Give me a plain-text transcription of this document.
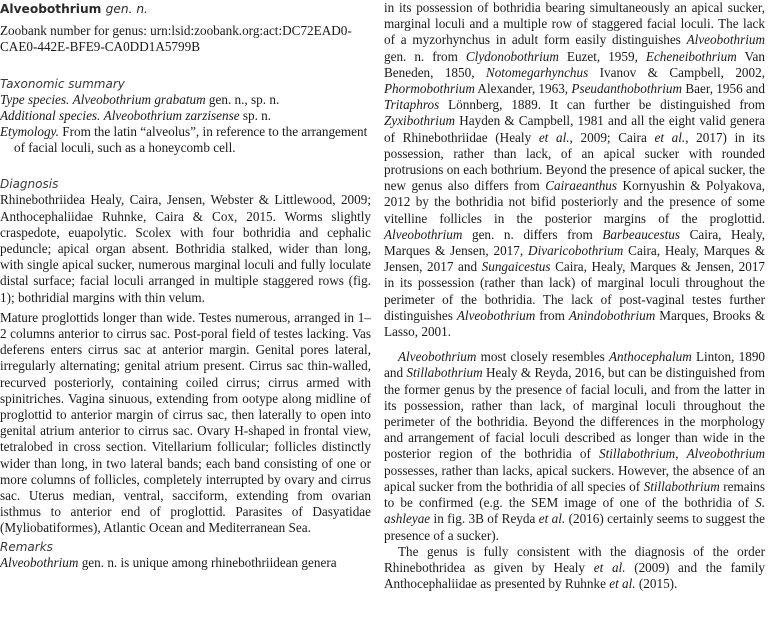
Alveobothrium gen. n.

Zoobank number for genus: urn:lsid:zoobank.org:act:DC72EAD0-CAE0-442E-BFE9-CA0DD1A5799B

Taxonomic summary

Type species. Alveobothrium grabatum gen. n., sp. n.

Additional species. Alveobothrium zarzisense sp. n.

Etymology. From the latin “alveolus”, in reference to the arrangement of facial loculi, such as a honeycomb cell.

Diagnosis

Rhinebothriidea Healy, Caira, Jensen, Webster & Littlewood, 2009; Anthocephaliidae Ruhnke, Caira & Cox, 2015. Worms slightly craspedote, euapolytic. Scolex with four bothridia and cephalic peduncle; apical organ absent. Bothridia stalked, wider than long, with single apical sucker, numerous marginal loculi and fully loculate distal surface; facial loculi arranged in multiple staggered rows (fig. 1); bothridial margins with thin velum.

Mature proglottids longer than wide. Testes numerous, arranged in 1–2 columns anterior to cirrus sac. Post-poral field of testes lacking. Vas deferens enters cirrus sac at anterior margin. Genital pores lateral, irregularly alternating; genital atrium present. Cirrus sac thin-walled, recurved posteriorly, containing coiled cirrus; cirrus armed with spinitriches. Vagina sinuous, extending from ootype along midline of proglottid to anterior margin of cirrus sac, then laterally to open into genital atrium anterior to cirrus sac. Ovary H-shaped in frontal view, tetralobed in cross section. Vitellarium follicular; follicles distinctly wider than long, in two lateral bands; each band consisting of one or more columns of follicles, completely interrupted by ovary and cirrus sac. Uterus median, ventral, sacciform, extending from ovarian isthmus to anterior end of proglottid. Parasites of Dasyatidae (Myliobatiformes), Atlantic Ocean and Mediterranean Sea.

Remarks

Alveobothrium gen. n. is unique among rhinebothriidean genera

in its possession of bothridia bearing simultaneously an apical sucker, marginal loculi and a multiple row of staggered facial loculi. The lack of a myzorhynchus in adult form easily distinguishes Alveobothrium gen. n. from Clydonobothrium Euzet, 1959, Echeneibothrium Van Beneden, 1850, Notomegarhynchus Ivanov & Campbell, 2002, Phormobothrium Alexander, 1963, Pseudanthobothrium Baer, 1956 and Tritaphros Lönnberg, 1889. It can further be distinguished from Zyxibothrium Hayden & Campbell, 1981 and all the eight valid genera of Rhinebothriidae (Healy et al., 2009; Caira et al., 2017) in its possession, rather than lack, of an apical sucker with rounded protrusions on each bothrium. Beyond the presence of apical sucker, the new genus also differs from Cairaeanthus Kornyushin & Polyakova, 2012 by the bothridia not bifid posteriorly and the presence of some vitelline follicles in the posterior margins of the proglottid. Alveobothrium gen. n. differs from Barbeaucestus Caira, Healy, Marques & Jensen, 2017, Divaricobothrium Caira, Healy, Marques & Jensen, 2017 and Sungaicestus Caira, Healy, Marques & Jensen, 2017 in its possession (rather than lack) of marginal loculi throughout the perimeter of the bothridia. The lack of post-vaginal testes further distinguishes Alveobothrium from Anindobothrium Marques, Brooks & Lasso, 2001.

Alveobothrium most closely resembles Anthocephalum Linton, 1890 and Stillabothrium Healy & Reyda, 2016, but can be distinguished from the former genus by the presence of facial loculi, and from the latter in its possession, rather than lack, of marginal loculi throughout the perimeter of the bothridia. Beyond the differences in the morphology and arrangement of facial loculi described as longer than wide in the posterior region of the bothridia of Stillabothrium, Alveobothrium possesses, rather than lacks, apical suckers. However, the absence of an apical sucker from the bothridia of all species of Stillabothrium remains to be confirmed (e.g. the SEM image of one of the bothridia of S. ashleyae in fig. 3B of Reyda et al. (2016) certainly seems to suggest the presence of a sucker).

The genus is fully consistent with the diagnosis of the order Rhinebothridea as given by Healy et al. (2009) and the family Anthocephaliidae as presented by Ruhnke et al. (2015).
